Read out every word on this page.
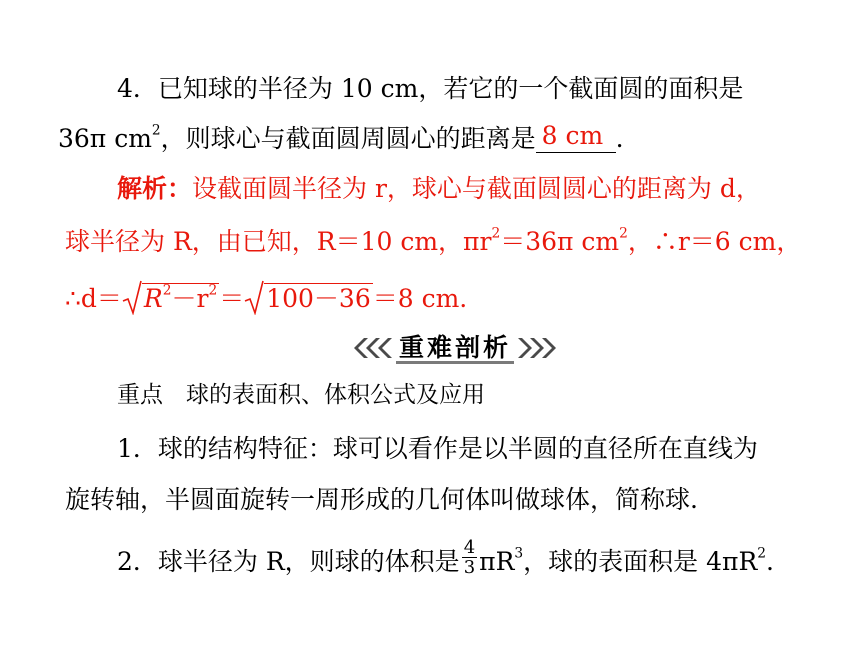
4．已知球的半径为 10 cm，若它的一个截面圆的面积是
36π $cm^2$，则球心与截面圆周圆心的距离是 8 cm .
解析：设截面圆半径为 r，球心与截面圆圆心的距离为 d，
球半径为 R，由已知，R＝10 cm，$\pi r^2=36\pi$ $cm^2$，∴r＝6 cm，
∴d＝ $R^2-r^2= 100-36=8$ cm.
重难剖析
重点　球的表面积、体积公式及应用
1．球的结构特征：球可以看作是以半圆的直径所在直线为
旋转轴，半圆面旋转一周形成的几何体叫做球体，简称球.
2．球半径为 R，则球的体积是 $\frac{4}{3} \pi R^3$，球的表面积是 $4\pi R^2$.
